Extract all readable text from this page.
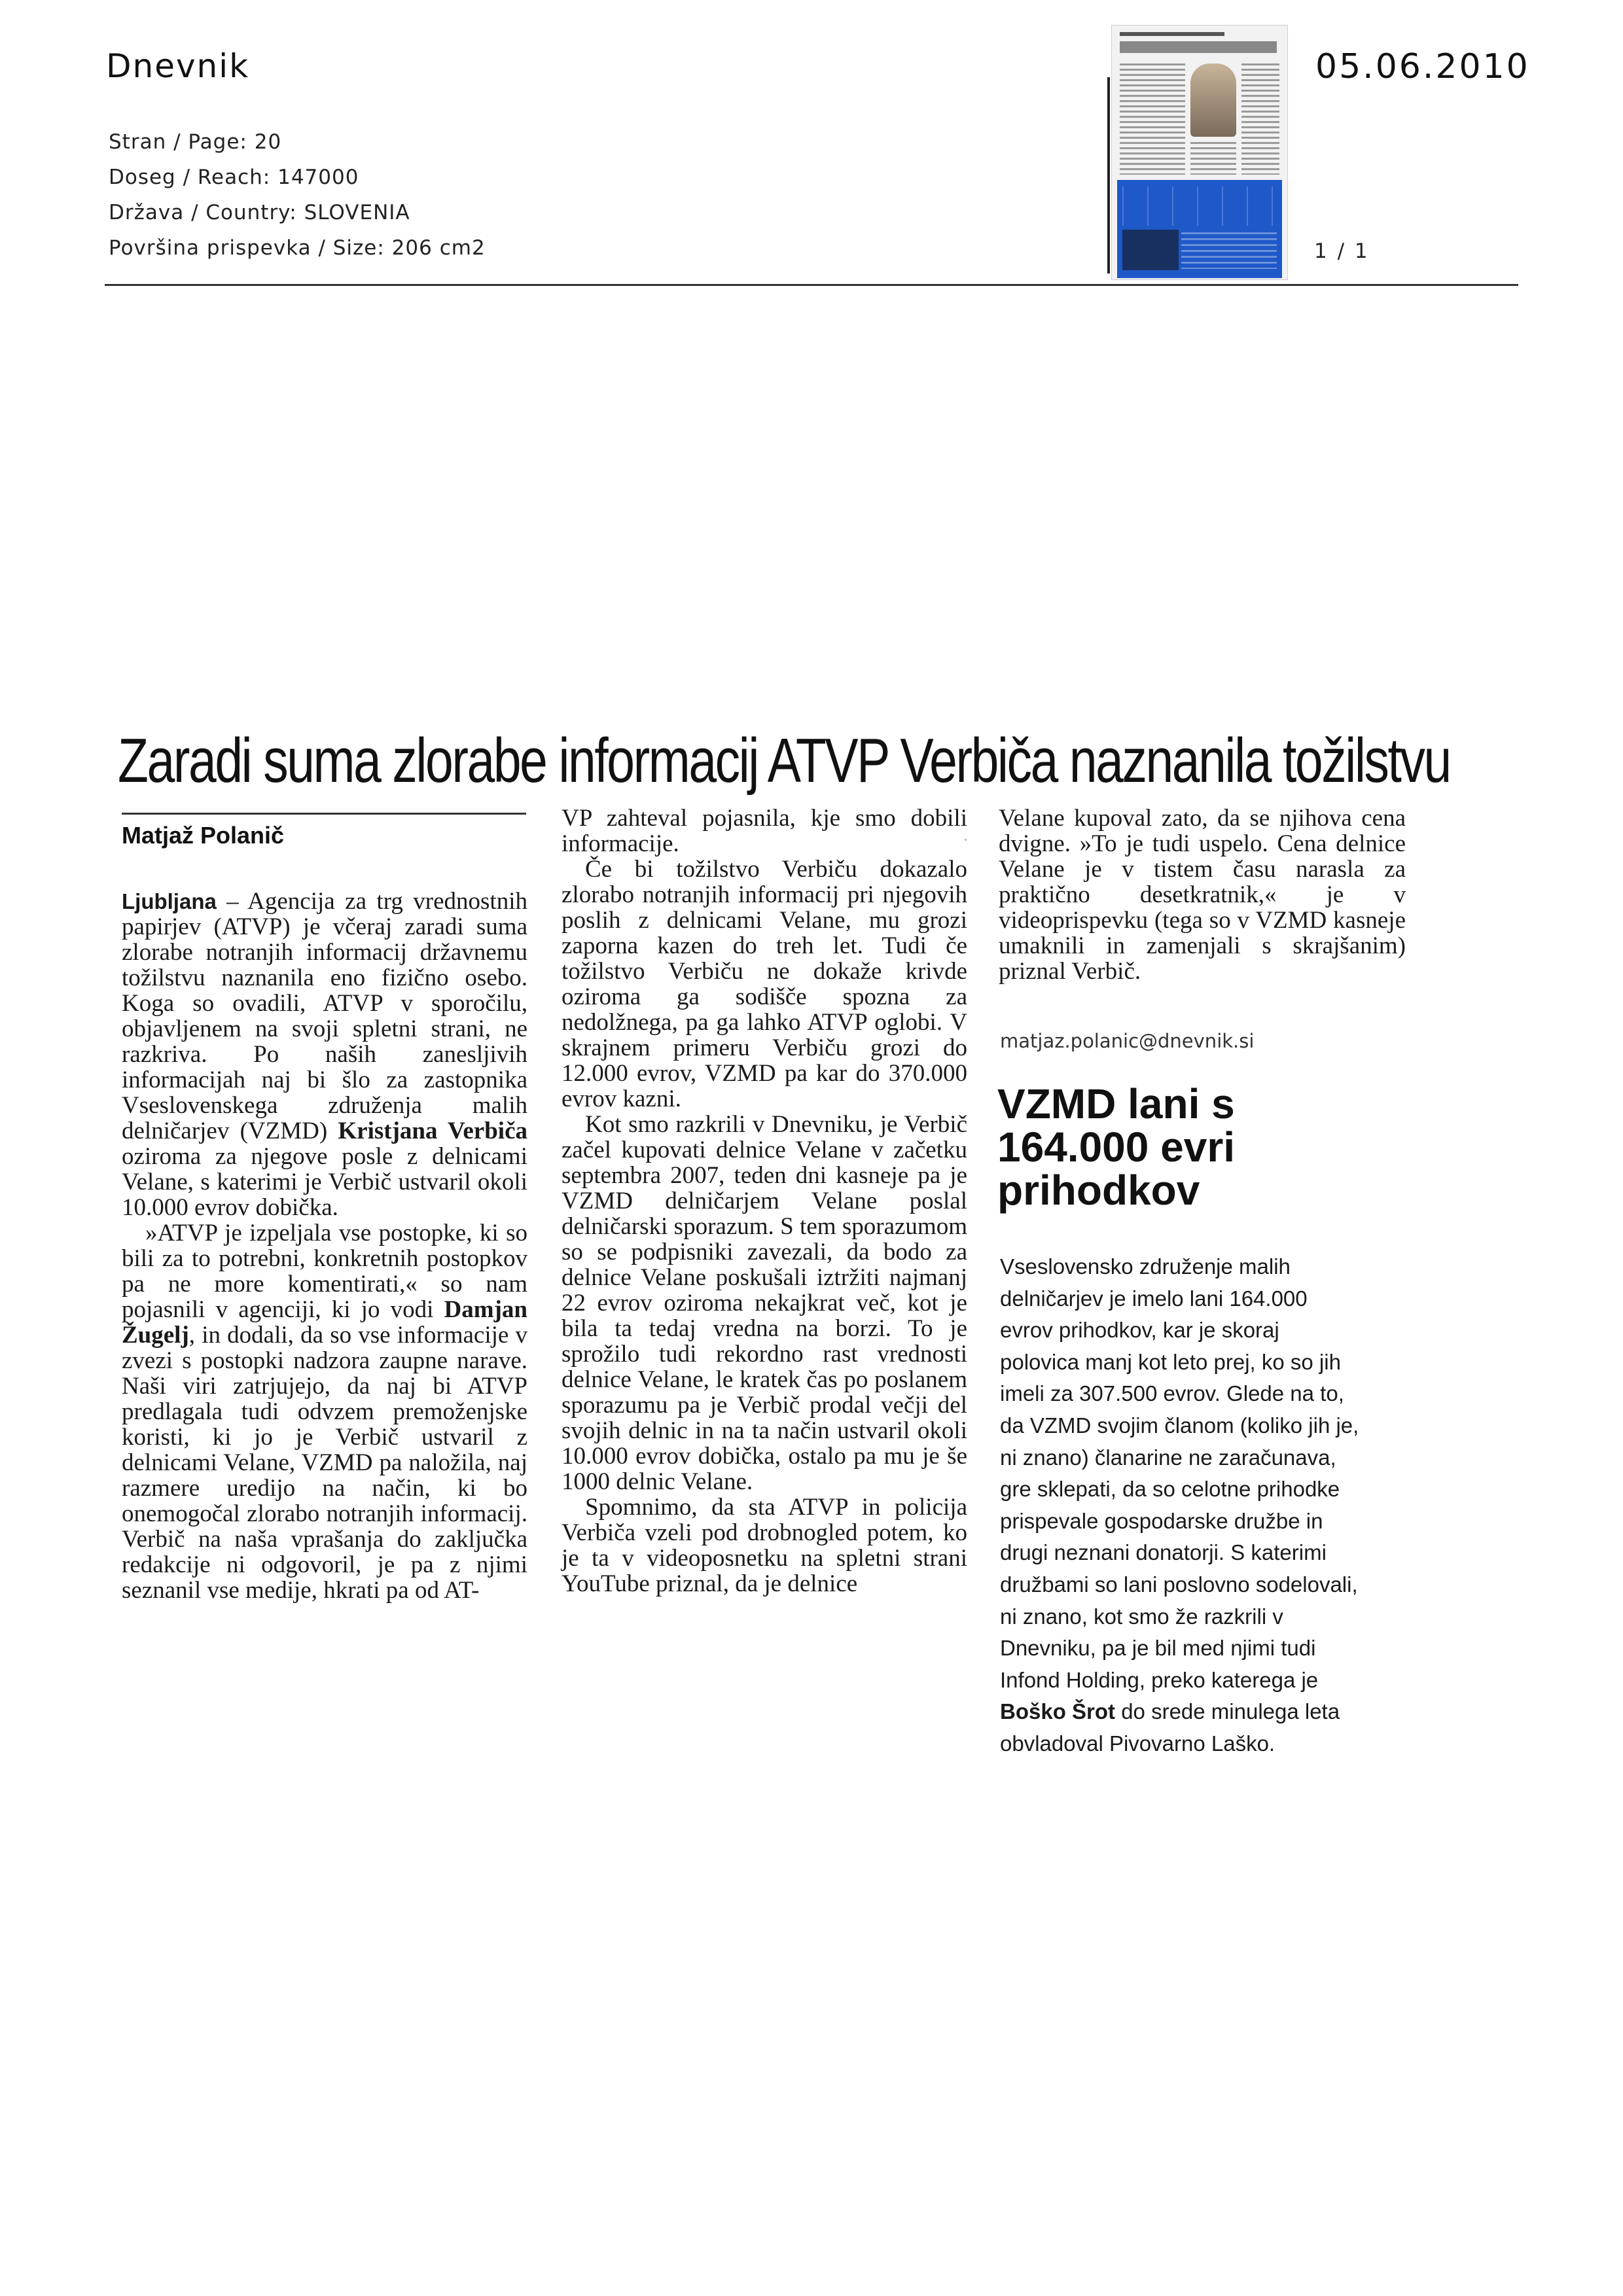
Dnevnik	05.06.2010
Stran / Page: 20
Doseg / Reach: 147000
Država / Country: SLOVENIA
Površina prispevka / Size: 206 cm2	1 / 1
Zaradi suma zlorabe informacij ATVP Verbiča naznanila tožilstvu
Matjaž Polanič

Ljubljana – Agencija za trg vrednostnih papirjev (ATVP) je včeraj zaradi suma zlorabe notranjih informacij državnemu tožilstvu naznanila eno fizično osebo. Koga so ovadili, ATVP v sporočilu, objavljenem na svoji spletni strani, ne razkriva. Po naših zanesljivih informacijah naj bi šlo za zastopnika Vseslovenskega združenja malih delničarjev (VZMD) Kristjana Verbiča oziroma za njegove posle z delnicami Velane, s katerimi je Verbič ustvaril okoli 10.000 evrov dobička.

»ATVP je izpeljala vse postopke, ki so bili za to potrebni, konkretnih postopkov pa ne more komentirati,« so nam pojasnili v agenciji, ki jo vodi Damjan Žugelj, in dodali, da so vse informacije v zvezi s postopki nadzora zaupne narave. Naši viri zatrjujejo, da naj bi ATVP predlagala tudi odvzem premoženjske koristi, ki jo je Verbič ustvaril z delnicami Velane, VZMD pa naložila, naj razmere uredijo na način, ki bo onemogočal zlorabo notranjih informacij. Verbič na naša vprašanja do zaključka redakcije ni odgovoril, je pa z njimi seznanil vse medije, hkrati pa od AT-

VP zahteval pojasnila, kje smo dobili informacije.

Če bi tožilstvo Verbiču dokazalo zlorabo notranjih informacij pri njegovih poslih z delnicami Velane, mu grozi zaporna kazen do treh let. Tudi če tožilstvo Verbiču ne dokaže krivde oziroma ga sodišče spozna za nedolžnega, pa ga lahko ATVP oglobi. V skrajnem primeru Verbiču grozi do 12.000 evrov, VZMD pa kar do 370.000 evrov kazni.

Kot smo razkrili v Dnevniku, je Verbič začel kupovati delnice Velane v začetku septembra 2007, teden dni kasneje pa je VZMD delničarjem Velane poslal delničarski sporazum. S tem sporazumom so se podpisniki zavezali, da bodo za delnice Velane poskušali iztržiti najmanj 22 evrov oziroma nekajkrat več, kot je bila ta tedaj vredna na borzi. To je sprožilo tudi rekordno rast vrednosti delnice Velane, le kratek čas po poslanem sporazumu pa je Verbič prodal večji del svojih delnic in na ta način ustvaril okoli 10.000 evrov dobička, ostalo pa mu je še 1000 delnic Velane.

Spomnimo, da sta ATVP in policija Verbiča vzeli pod drobnogled potem, ko je ta v videoposnetku na spletni strani YouTube priznal, da je delnice

Velane kupoval zato, da se njihova cena dvigne. »To je tudi uspelo. Cena delnice Velane je v tistem času narasla za praktično desetkratnik,« je v videoprispevku (tega so v VZMD kasneje umaknili in zamenjali s skrajšanim) priznal Verbič.

matjaz.polanic@dnevnik.si
VZMD lani s
164.000 evri
prihodkov
Vseslovensko združenje malih
delničarjev je imelo lani 164.000
evrov prihodkov, kar je skoraj
polovica manj kot leto prej, ko so jih
imeli za 307.500 evrov. Glede na to,
da VZMD svojim članom (koliko jih je,
ni znano) članarine ne zaračunava,
gre sklepati, da so celotne prihodke
prispevale gospodarske družbe in
drugi neznani donatorji. S katerimi
družbami so lani poslovno sodelovali,
ni znano, kot smo že razkrili v
Dnevniku, pa je bil med njimi tudi
Infond Holding, preko katerega je
Boško Šrot do srede minulega leta
obvladoval Pivovarno Laško.
